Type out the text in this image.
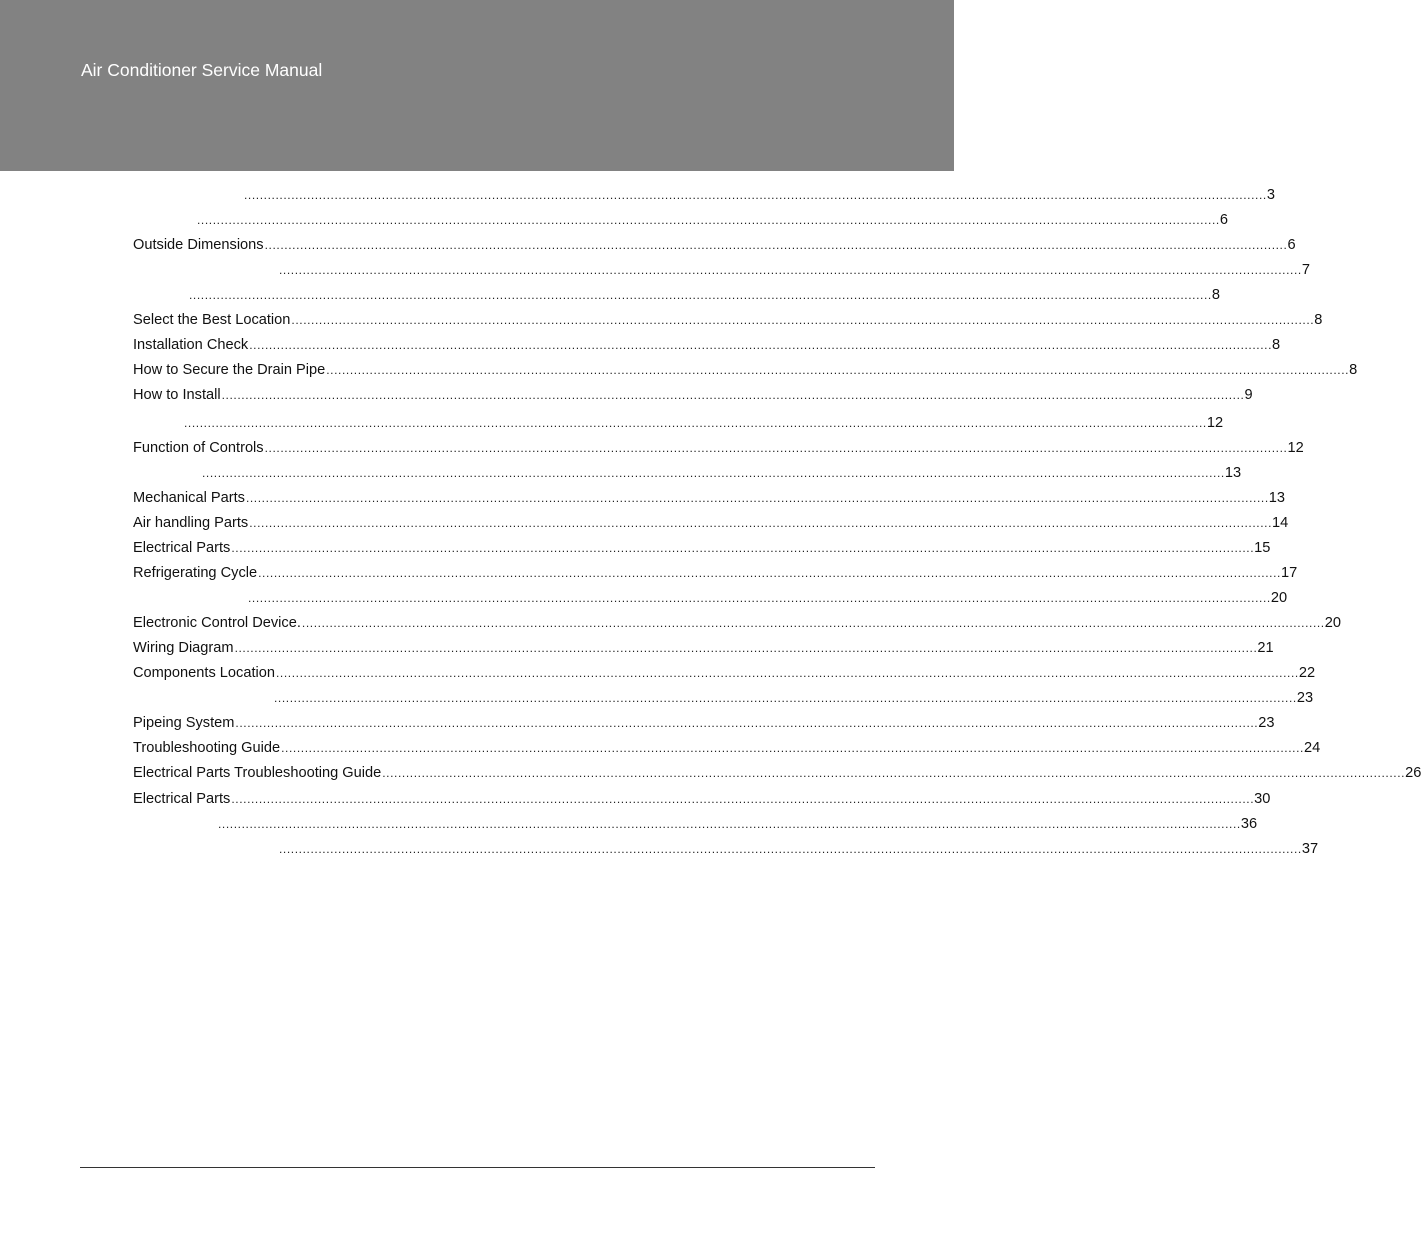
Air Conditioner Service Manual
.................................................................................................................................................................................................................................................................... 3
.................................................................................................................................................................................................................................................................... 6
Outside Dimensions .................................................................................................................................................................................................................................................................... 6
.................................................................................................................................................................................................................................................................... 7
.................................................................................................................................................................................................................................................................... 8
Select the Best Location .................................................................................................................................................................................................................................................................... 8
Installation Check .................................................................................................................................................................................................................................................................... 8
How to Secure the Drain Pipe .................................................................................................................................................................................................................................................................... 8
How to Install .................................................................................................................................................................................................................................................................... 9
.................................................................................................................................................................................................................................................................... 12
Function of Controls .................................................................................................................................................................................................................................................................... 12
.................................................................................................................................................................................................................................................................... 13
Mechanical Parts .................................................................................................................................................................................................................................................................... 13
Air handling Parts .................................................................................................................................................................................................................................................................... 14
Electrical Parts .................................................................................................................................................................................................................................................................... 15
Refrigerating Cycle .................................................................................................................................................................................................................................................................... 17
.................................................................................................................................................................................................................................................................... 20
Electronic Control Device. .................................................................................................................................................................................................................................................................... 20
Wiring Diagram .................................................................................................................................................................................................................................................................... 21
Components Location .................................................................................................................................................................................................................................................................... 22
.................................................................................................................................................................................................................................................................... 23
Pipeing System .................................................................................................................................................................................................................................................................... 23
Troubleshooting Guide .................................................................................................................................................................................................................................................................... 24
Electrical Parts Troubleshooting Guide .................................................................................................................................................................................................................................................................... 26
Electrical Parts .................................................................................................................................................................................................................................................................... 30
.................................................................................................................................................................................................................................................................... 36
.................................................................................................................................................................................................................................................................... 37
